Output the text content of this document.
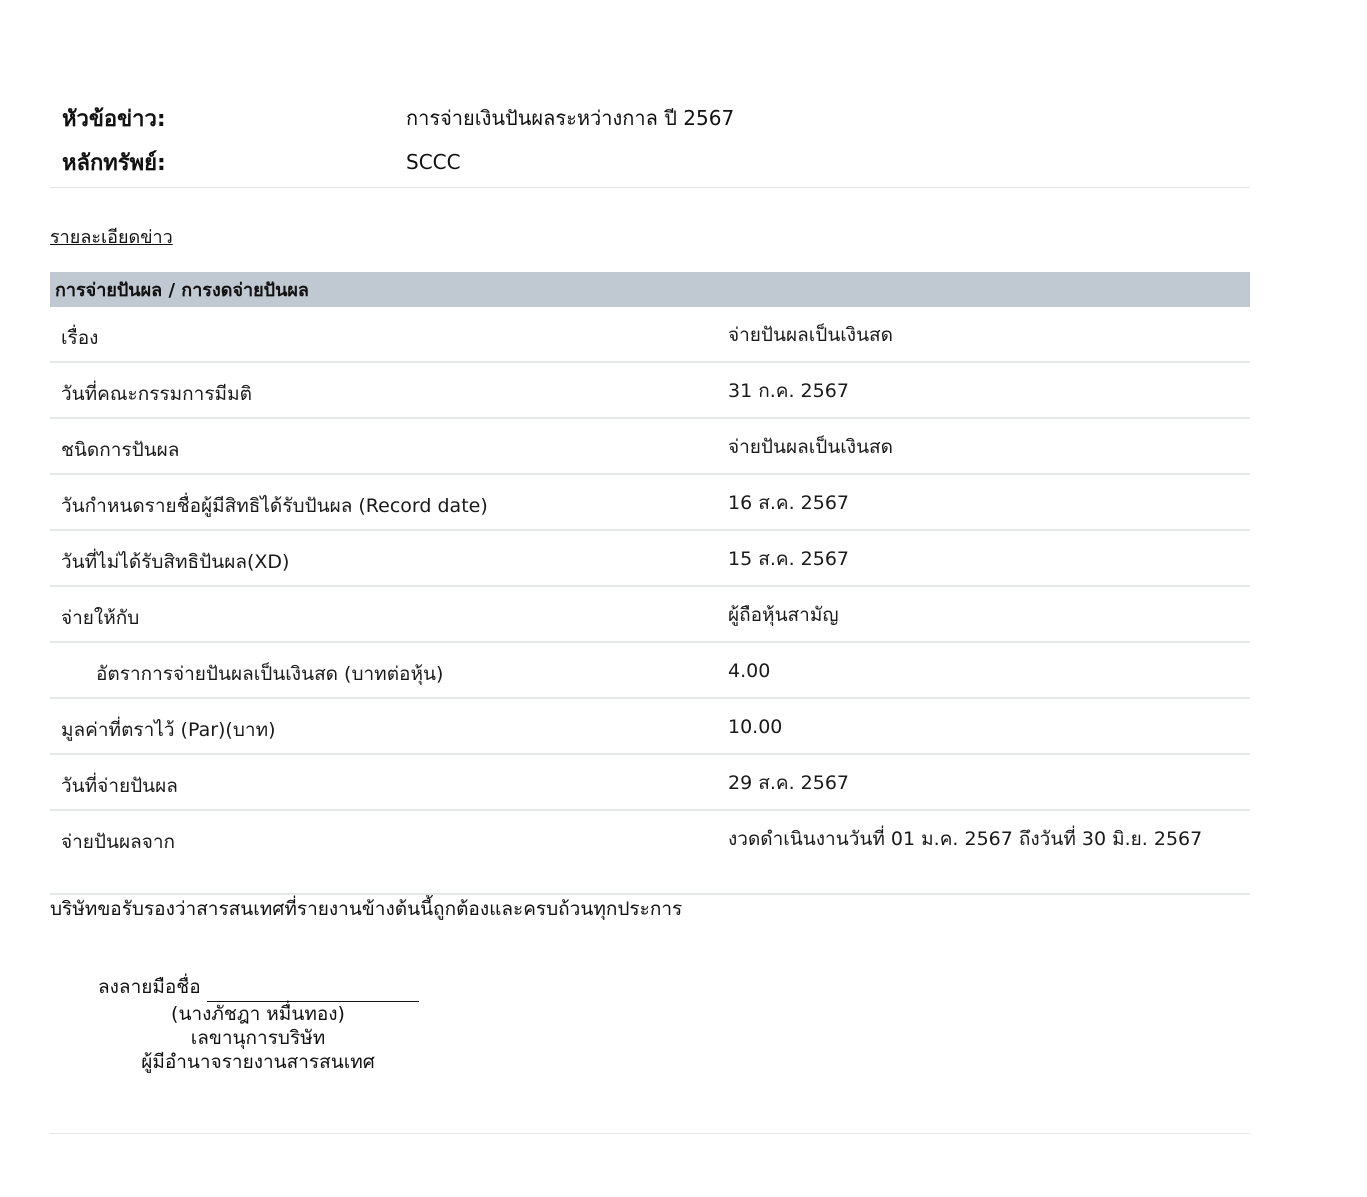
หัวข้อข่าว:	การจ่ายเงินปันผลระหว่างกาล ปี 2567
หลักทรัพย์:	SCCC
รายละเอียดข่าว
การจ่ายปันผล / การงดจ่ายปันผล
เรื่อง	จ่ายปันผลเป็นเงินสด
วันที่คณะกรรมการมีมติ	31 ก.ค. 2567
ชนิดการปันผล	จ่ายปันผลเป็นเงินสด
วันกำหนดรายชื่อผู้มีสิทธิได้รับปันผล (Record date)	16 ส.ค. 2567
วันที่ไม่ได้รับสิทธิปันผล(XD)	15 ส.ค. 2567
จ่ายให้กับ	ผู้ถือหุ้นสามัญ
อัตราการจ่ายปันผลเป็นเงินสด (บาทต่อหุ้น)	4.00
มูลค่าที่ตราไว้ (Par)(บาท)	10.00
วันที่จ่ายปันผล	29 ส.ค. 2567
จ่ายปันผลจาก	งวดดำเนินงานวันที่ 01 ม.ค. 2567 ถึงวันที่ 30 มิ.ย. 2567
บริษัทขอรับรองว่าสารสนเทศที่รายงานข้างต้นนี้ถูกต้องและครบถ้วนทุกประการ
ลงลายมือชื่อ
(นางภัชฎา หมื่นทอง)
เลขานุการบริษัท
ผู้มีอำนาจรายงานสารสนเทศ
